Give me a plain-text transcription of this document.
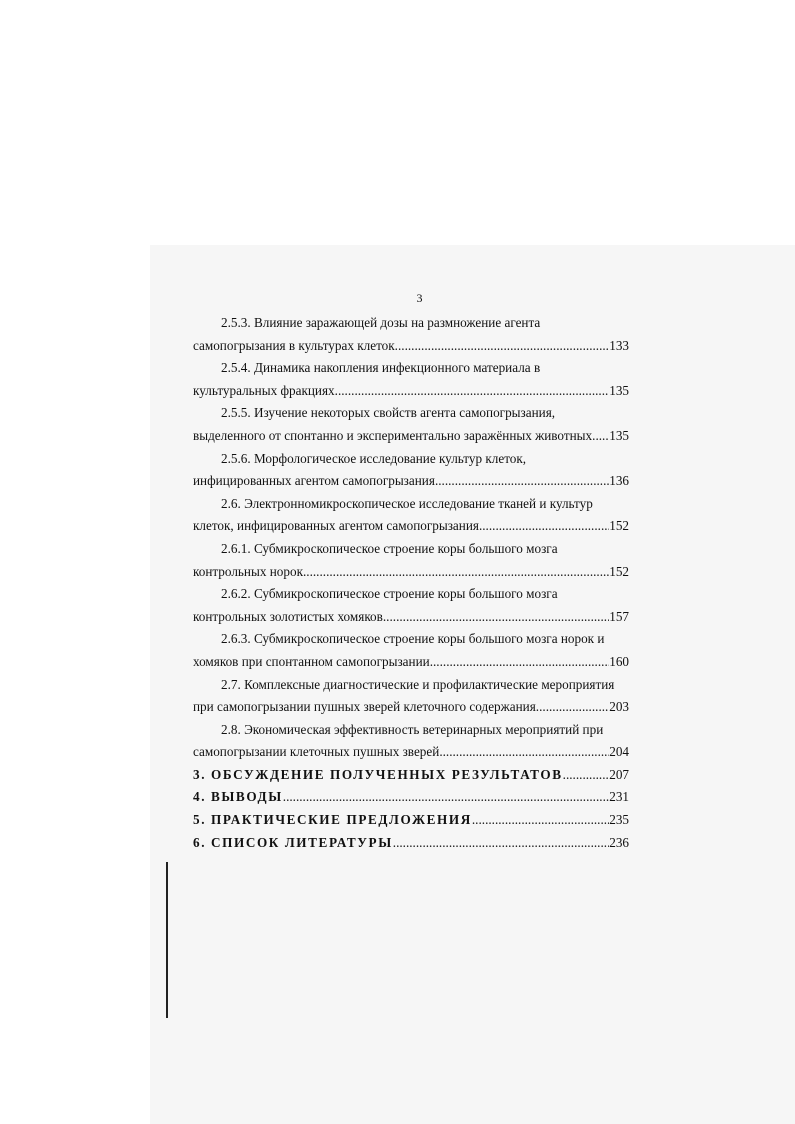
3
2.5.3. Влияние заражающей дозы на размножение агента
самопогрызания в культурах клеток .....	133
2.5.4. Динамика накопления инфекционного материала в
культуральных фракциях .....	135
2.5.5. Изучение некоторых свойств агента самопогрызания,
выделенного от спонтанно и экспериментально заражённых животных ..... 135
2.5.6. Морфологическое исследование культур клеток,
инфицированных агентом самопогрызания .....	136
2.6. Электронномикроскопическое исследование тканей и культур
клеток, инфицированных агентом самопогрызания .....	152
2.6.1. Субмикроскопическое строение коры большого мозга
контрольных норок .....	152
2.6.2. Субмикроскопическое строение коры большого мозга
контрольных золотистых хомяков .....	157
2.6.3. Субмикроскопическое строение коры большого мозга норок и
хомяков при спонтанном самопогрызании .....	160
2.7. Комплексные диагностические и профилактические мероприятия
при самопогрызании пушных зверей клеточного содержания .....	203
2.8. Экономическая эффективность ветеринарных мероприятий при
самопогрызании клеточных пушных зверей .....	204
3. ОБСУЖДЕНИЕ ПОЛУЧЕННЫХ РЕЗУЛЬТАТОВ .....	207
4. ВЫВОДЫ .....	231
5. ПРАКТИЧЕСКИЕ ПРЕДЛОЖЕНИЯ .....	235
6. СПИСОК ЛИТЕРАТУРЫ .....	236
